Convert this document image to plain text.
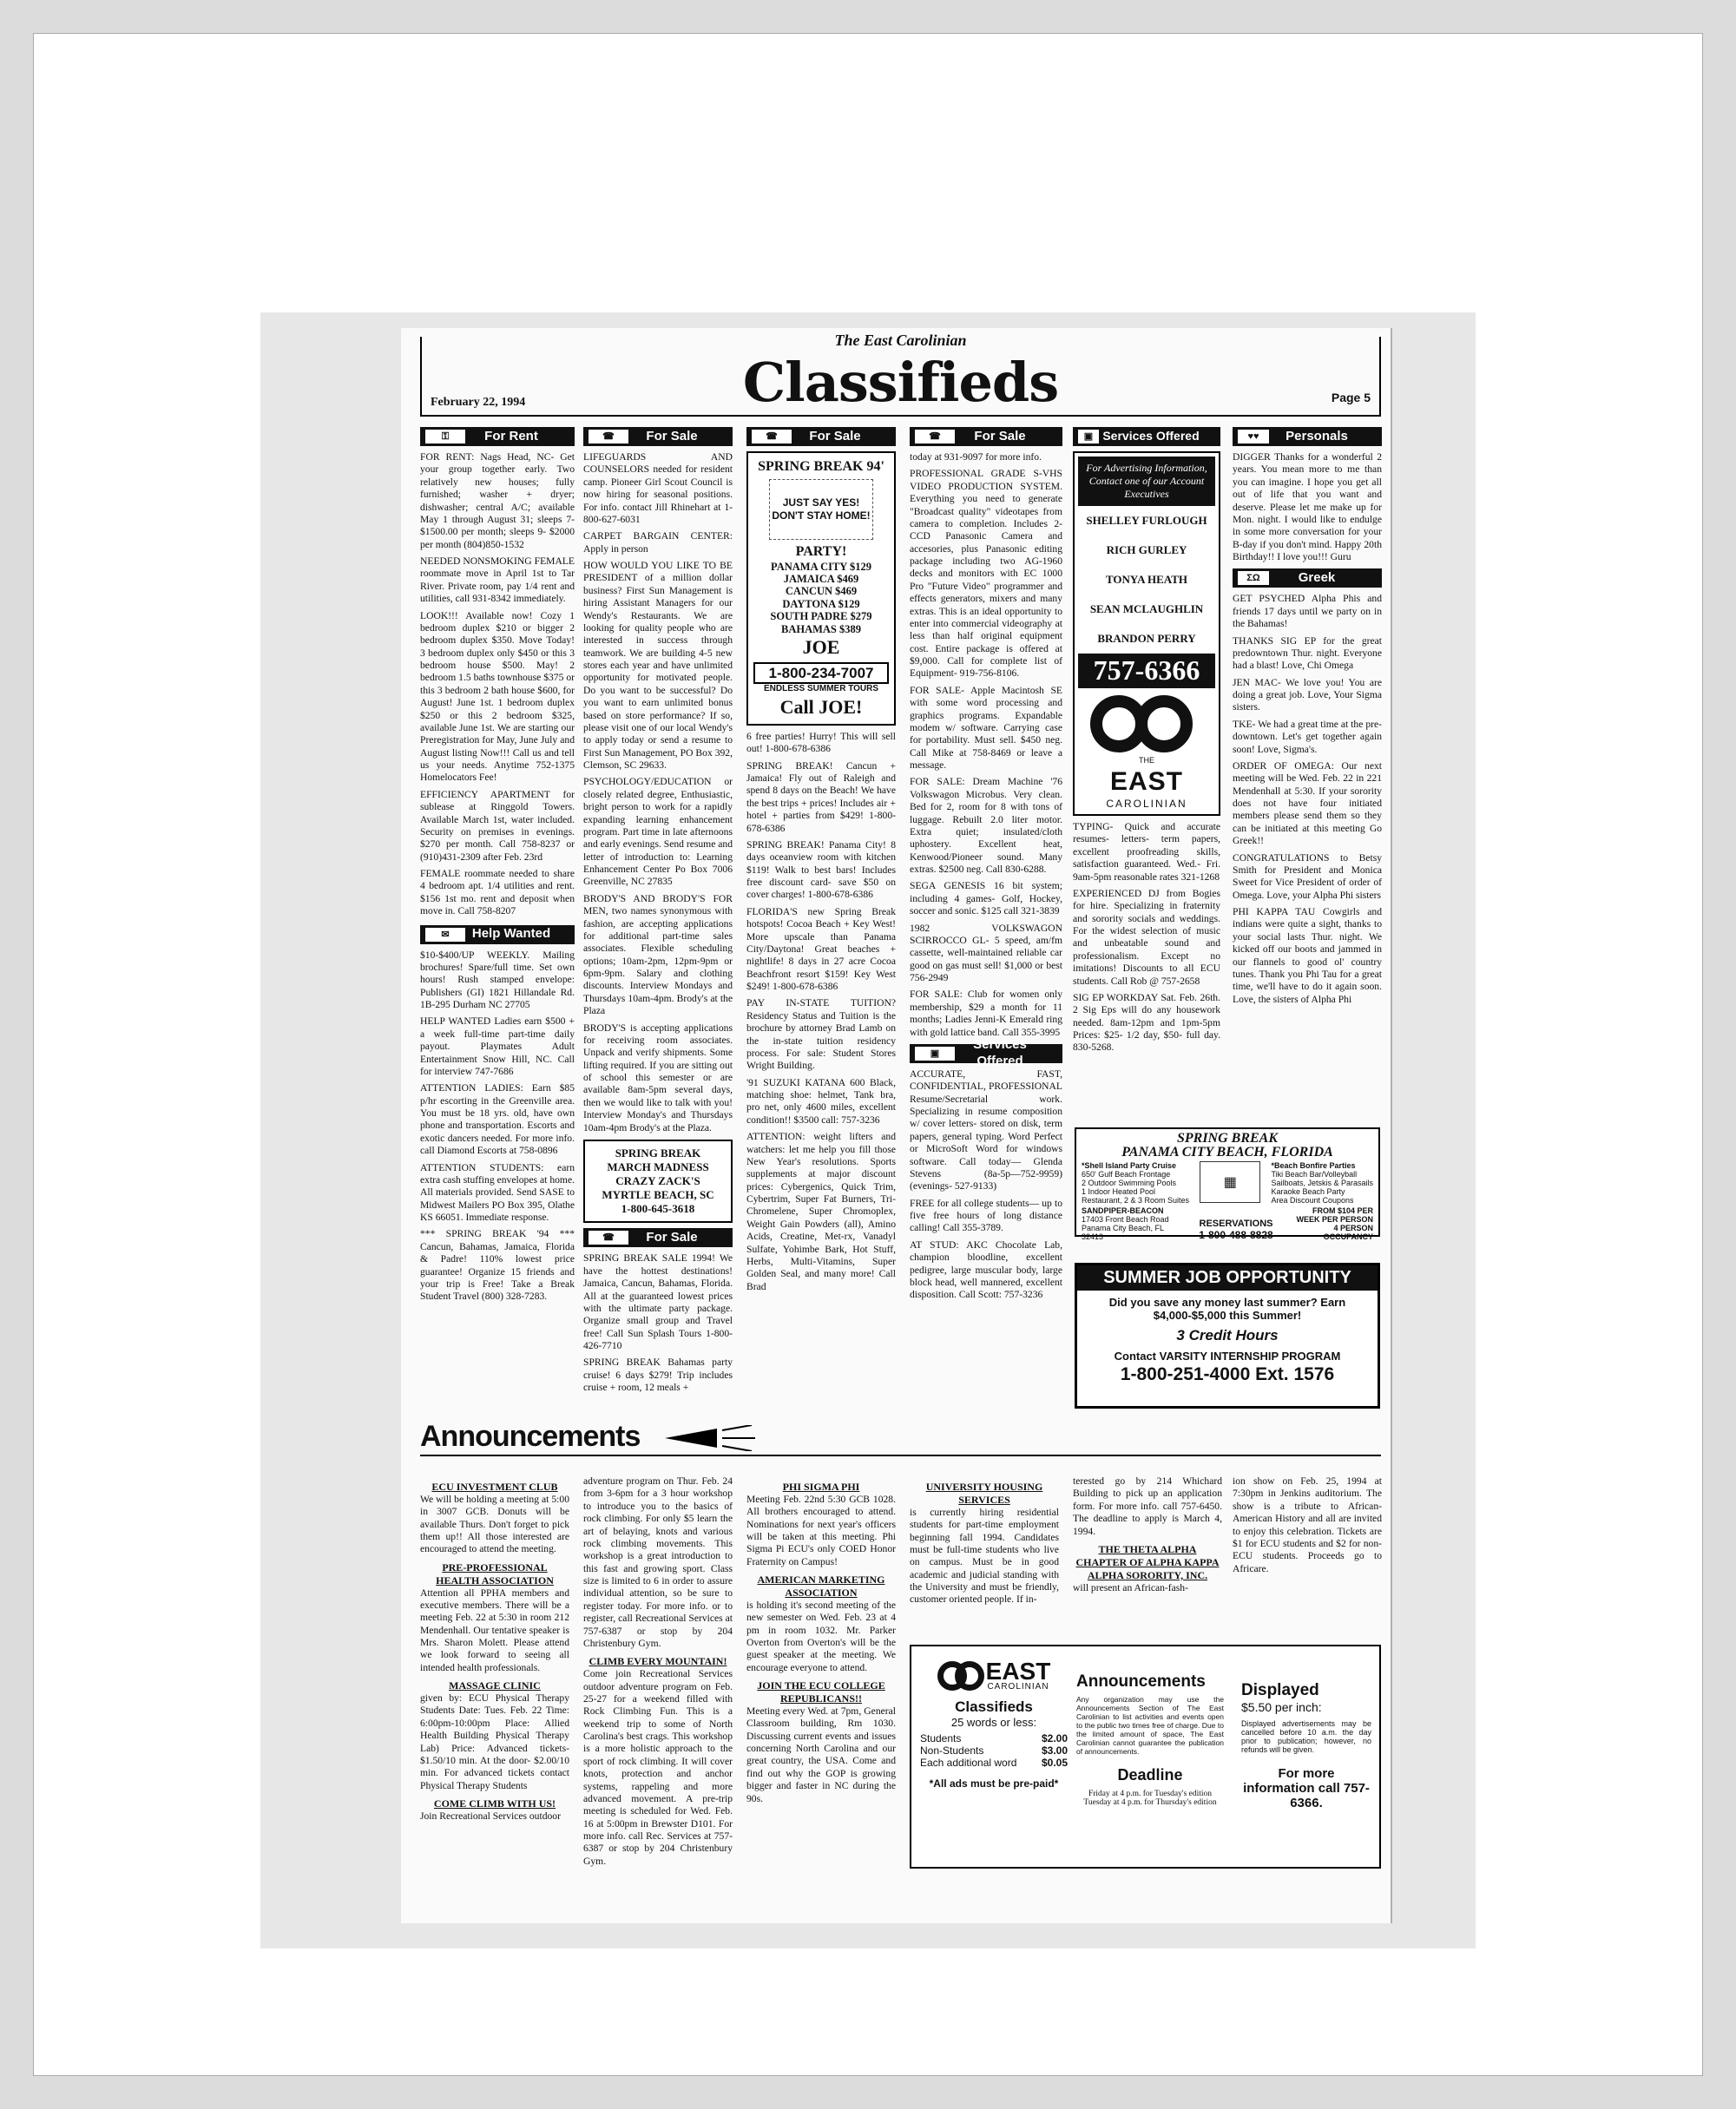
The East Carolinian
Classifieds
February 22, 1994	Page 5
⚿	For Rent

FOR RENT: Nags Head, NC- Get your group together early. Two relatively new houses; fully furnished; washer + dryer; dishwasher; central A/C; available May 1 through August 31; sleeps 7- $1500.00 per month; sleeps 9- $2000 per month (804)850-1532

NEEDED NONSMOKING FEMALE roommate move in April 1st to Tar River. Private room, pay 1/4 rent and utilities, call 931-8342 immediately.

LOOK!!! Available now! Cozy 1 bedroom duplex $210 or bigger 2 bedroom duplex $350. Move Today! 3 bedroom duplex only $450 or this 3 bedroom house $500. May! 2 bedroom 1.5 baths townhouse $375 or this 3 bedroom 2 bath house $600, for August! June 1st. 1 bedroom duplex $250 or this 2 bedroom $325, available June 1st. We are starting our Preregistration for May, June July and August listing Now!!! Call us and tell us your needs. Anytime 752-1375 Homelocators Fee!

EFFICIENCY APARTMENT for sublease at Ringgold Towers. Available March 1st, water included. Security on premises in evenings. $270 per month. Call 758-8237 or (910)431-2309 after Feb. 23rd

FEMALE roommate needed to share 4 bedroom apt. 1/4 utilities and rent. $156 1st mo. rent and deposit when move in. Call 758-8207

✉	Help Wanted

$10-$400/UP WEEKLY. Mailing brochures! Spare/full time. Set own hours! Rush stamped envelope: Publishers (GI) 1821 Hillandale Rd. 1B-295 Durham NC 27705

HELP WANTED Ladies earn $500 + a week full-time part-time daily payout. Playmates Adult Entertainment Snow Hill, NC. Call for interview 747-7686

ATTENTION LADIES: Earn $85 p/hr escorting in the Greenville area. You must be 18 yrs. old, have own phone and transportation. Escorts and exotic dancers needed. For more info. call Diamond Escorts at 758-0896

ATTENTION STUDENTS: earn extra cash stuffing envelopes at home. All materials provided. Send SASE to Midwest Mailers PO Box 395, Olathe KS 66051. Immediate response.

*** SPRING BREAK '94 *** Cancun, Bahamas, Jamaica, Florida & Padre! 110% lowest price guarantee! Organize 15 friends and your trip is Free! Take a Break Student Travel (800) 328-7283.

☎	For Sale

LIFEGUARDS AND COUNSELORS needed for resident camp. Pioneer Girl Scout Council is now hiring for seasonal positions. For info. contact Jill Rhinehart at 1-800-627-6031

CARPET BARGAIN CENTER: Apply in person

HOW WOULD YOU LIKE TO BE PRESIDENT of a million dollar business? First Sun Management is hiring Assistant Managers for our Wendy's Restaurants. We are looking for quality people who are interested in success through teamwork. We are building 4-5 new stores each year and have unlimited opportunity for motivated people. Do you want to be successful? Do you want to earn unlimited bonus based on store performance? If so, please visit one of our local Wendy's to apply today or send a resume to First Sun Management, PO Box 392, Clemson, SC 29633.

PSYCHOLOGY/EDUCATION or closely related degree, Enthusiastic, bright person to work for a rapidly expanding learning enhancement program. Part time in late afternoons and early evenings. Send resume and letter of introduction to: Learning Enhancement Center Po Box 7006 Greenville, NC 27835

BRODY'S AND BRODY'S FOR MEN, two names synonymous with fashion, are accepting applications for additional part-time sales associates. Flexible scheduling options; 10am-2pm, 12pm-9pm or 6pm-9pm. Salary and clothing discounts. Interview Mondays and Thursdays 10am-4pm. Brody's at the Plaza

BRODY'S is accepting applications for receiving room associates. Unpack and verify shipments. Some lifting required. If you are sitting out of school this semester or are available 8am-5pm several days, then we would like to talk with you! Interview Monday's and Thursdays 10am-4pm Brody's at the Plaza.

SPRING BREAK
MARCH MADNESS
CRAZY ZACK'S
MYRTLE BEACH, SC
1-800-645-3618
☎	For Sale

SPRING BREAK SALE 1994! We have the hottest destinations! Jamaica, Cancun, Bahamas, Florida. All at the guaranteed lowest prices with the ultimate party package. Organize small group and Travel free! Call Sun Splash Tours 1-800-426-7710

SPRING BREAK Bahamas party cruise! 6 days $279! Trip includes cruise + room, 12 meals +

☎	For Sale
SPRING BREAK 94'
JUST SAY YES! DON'T STAY HOME!
PARTY!
PANAMA CITY $129
JAMAICA $469
CANCUN $469
DAYTONA $129
SOUTH PADRE $279
BAHAMAS $389
JOE
1-800-234-7007
ENDLESS SUMMER TOURS
Call JOE!

6 free parties! Hurry! This will sell out! 1-800-678-6386

SPRING BREAK! Cancun + Jamaica! Fly out of Raleigh and spend 8 days on the Beach! We have the best trips + prices! Includes air + hotel + parties from $429! 1-800-678-6386

SPRING BREAK! Panama City! 8 days oceanview room with kitchen $119! Walk to best bars! Includes free discount card- save $50 on cover charges! 1-800-678-6386

FLORIDA'S new Spring Break hotspots! Cocoa Beach + Key West! More upscale than Panama City/Daytona! Great beaches + nightlife! 8 days in 27 acre Cocoa Beachfront resort $159! Key West $249! 1-800-678-6386

PAY IN-STATE TUITION? Residency Status and Tuition is the brochure by attorney Brad Lamb on the in-state tuition residency process. For sale: Student Stores Wright Building.

'91 SUZUKI KATANA 600 Black, matching shoe: helmet, Tank bra, pro net, only 4600 miles, excellent condition!! $3500 call: 757-3236

ATTENTION: weight lifters and watchers: let me help you fill those New Year's resolutions. Sports supplements at major discount prices: Cybergenics, Quick Trim, Cybertrim, Super Fat Burners, Tri-Chromelene, Super Chromoplex, Weight Gain Powders (all), Amino Acids, Creatine, Met-rx, Vanadyl Sulfate, Yohimbe Bark, Hot Stuff, Herbs, Multi-Vitamins, Super Golden Seal, and many more! Call Brad

☎	For Sale

today at 931-9097 for more info.

PROFESSIONAL GRADE S-VHS VIDEO PRODUCTION SYSTEM. Everything you need to generate "Broadcast quality" videotapes from camera to completion. Includes 2-CCD Panasonic Camera and accesories, plus Panasonic editing package including two AG-1960 decks and monitors with EC 1000 Pro "Future Video" programmer and effects generators, mixers and many extras. This is an ideal opportunity to enter into commercial videography at less than half original equipment cost. Entire package is offered at $9,000. Call for complete list of Equipment- 919-756-8106.

FOR SALE- Apple Macintosh SE with some word processing and graphics programs. Expandable modem w/ software. Carrying case for portability. Must sell. $450 neg. Call Mike at 758-8469 or leave a message.

FOR SALE: Dream Machine '76 Volkswagon Microbus. Very clean. Bed for 2, room for 8 with tons of luggage. Rebuilt 2.0 liter motor. Extra quiet; insulated/cloth uphostery. Excellent heat, Kenwood/Pioneer sound. Many extras. $2500 neg. Call 830-6288.

SEGA GENESIS 16 bit system; including 4 games- Golf, Hockey, soccer and sonic. $125 call 321-3839

1982 VOLKSWAGON SCIRROCCO GL- 5 speed, am/fm cassette, well-maintained reliable car good on gas must sell! $1,000 or best 756-2949

FOR SALE: Club for women only membership, $29 a month for 11 months; Ladies Jenni-K Emerald ring with gold lattice band. Call 355-3995

▣
Services Offered

ACCURATE, FAST, CONFIDENTIAL, PROFESSIONAL Resume/Secretarial work. Specializing in resume composition w/ cover letters- stored on disk, term papers, general typing. Word Perfect or MicroSoft Word for windows software. Call today— Glenda Stevens (8a-5p—752-9959) (evenings- 527-9133)

FREE for all college students— up to five free hours of long distance calling! Call 355-3789.

AT STUD: AKC Chocolate Lab, champion bloodline, excellent pedigree, large muscular body, large block head, well mannered, excellent disposition. Call Scott: 757-3236

▣ Services Offered
For Advertising Information, Contact one of our Account Executives
SHELLEY FURLOUGH
RICH GURLEY
TONYA HEATH
SEAN MCLAUGHLIN
BRANDON PERRY
757-6366
THE
EAST
CAROLINIAN

TYPING- Quick and accurate resumes- letters- term papers, excellent proofreading skills, satisfaction guaranteed. Wed.- Fri. 9am-5pm reasonable rates 321-1268

EXPERIENCED DJ from Bogies for hire. Specializing in fraternity and sorority socials and weddings. For the widest selection of music and unbeatable sound and professionalism. Except no imitations! Discounts to all ECU students. Call Rob @ 757-2658

SIG EP WORKDAY Sat. Feb. 26th. 2 Sig Eps will do any housework needed. 8am-12pm and 1pm-5pm Prices: $25- 1/2 day, $50- full day. 830-5268.

♥♥	Personals

DIGGER Thanks for a wonderful 2 years. You mean more to me than you can imagine. I hope you get all out of life that you want and deserve. Please let me make up for Mon. night. I would like to endulge in some more conversation for your B-day if you don't mind. Happy 20th Birthday!! I love you!!! Guru

ΣΩ	Greek

GET PSYCHED Alpha Phis and friends 17 days until we party on in the Bahamas!

THANKS SIG EP for the great predowntown Thur. night. Everyone had a blast! Love, Chi Omega

JEN MAC- We love you! You are doing a great job. Love, Your Sigma sisters.

TKE- We had a great time at the pre-downtown. Let's get together again soon! Love, Sigma's.

ORDER OF OMEGA: Our next meeting will be Wed. Feb. 22 in 221 Mendenhall at 5:30. If your sorority does not have four initiated members please send them so they can be initiated at this meeting Go Greek!!

CONGRATULATIONS to Betsy Smith for President and Monica Sweet for Vice President of order of Omega. Love, your Alpha Phi sisters

PHI KAPPA TAU Cowgirls and indians were quite a sight, thanks to your social lasts Thur. night. We kicked off our boots and jammed in our flannels to good ol' country tunes. Thank you Phi Tau for a great time, we'll have to do it again soon. Love, the sisters of Alpha Phi

SPRING BREAK
PANAMA CITY BEACH, FLORIDA
*Shell Island Party Cruise
650' Gulf Beach Frontage
2 Outdoor Swimming Pools
1 Indoor Heated Pool
Restaurant, 2 & 3 Room Suites
▦
*Beach Bonfire Parties
Tiki Beach Bar/Volleyball
Sailboats, Jetskis & Parasails
Karaoke Beach Party
Area Discount Coupons
SANDPIPER-BEACON
17403 Front Beach Road Panama City Beach, FL 32413
RESERVATIONS
1-800-488-8828
FROM $104 PER WEEK PER PERSON 4 PERSON OCCUPANCY
SUMMER JOB OPPORTUNITY
Did you save any money last summer? Earn $4,000-$5,000 this Summer!
3 Credit Hours
Contact VARSITY INTERNSHIP PROGRAM
1-800-251-4000 Ext. 1576
Announcements
ECU INVESTMENT CLUB

We will be holding a meeting at 5:00 in 3007 GCB. Donuts will be available Thurs. Don't forget to pick them up!! All those interested are encouraged to attend the meeting.

PRE-PROFESSIONAL HEALTH ASSOCIATION

Attention all PPHA members and executive members. There will be a meeting Feb. 22 at 5:30 in room 212 Mendenhall. Our tentative speaker is Mrs. Sharon Molett. Please attend we look forward to seeing all intended health professionals.

MASSAGE CLINIC

given by: ECU Physical Therapy Students Date: Tues. Feb. 22 Time: 6:00pm-10:00pm Place: Allied Health Building Physical Therapy Lab) Price: Advanced tickets- $1.50/10 min. At the door- $2.00/10 min. For advanced tickets contact Physical Therapy Students

COME CLIMB WITH US!

Join Recreational Services outdoor

adventure program on Thur. Feb. 24 from 3-6pm for a 3 hour workshop to introduce you to the basics of rock climbing. For only $5 learn the art of belaying, knots and various rock climbing movements. This workshop is a great introduction to this fast and growing sport. Class size is limited to 6 in order to assure individual attention, so be sure to register today. For more info. or to register, call Recreational Services at 757-6387 or stop by 204 Christenbury Gym.

CLIMB EVERY MOUNTAIN!

Come join Recreational Services outdoor adventure program on Feb. 25-27 for a weekend filled with Rock Climbing Fun. This is a weekend trip to some of North Carolina's best crags. This workshop is a more holistic approach to the sport of rock climbing. It will cover knots, protection and anchor systems, rappeling and more advanced movement. A pre-trip meeting is scheduled for Wed. Feb. 16 at 5:00pm in Brewster D101. For more info. call Rec. Services at 757-6387 or stop by 204 Christenbury Gym.

PHI SIGMA PHI

Meeting Feb. 22nd 5:30 GCB 1028. All brothers encouraged to attend. Nominations for next year's officers will be taken at this meeting. Phi Sigma Pi ECU's only COED Honor Fraternity on Campus!

AMERICAN MARKETING ASSOCIATION

is holding it's second meeting of the new semester on Wed. Feb. 23 at 4 pm in room 1032. Mr. Parker Overton from Overton's will be the guest speaker at the meeting. We encourage everyone to attend.

JOIN THE ECU COLLEGE REPUBLICANS!!

Meeting every Wed. at 7pm, General Classroom building, Rm 1030. Discussing current events and issues concerning North Carolina and our great country, the USA. Come and find out why the GOP is growing bigger and faster in NC during the 90s.

UNIVERSITY HOUSING SERVICES

is currently hiring residential students for part-time employment beginning fall 1994. Candidates must be full-time students who live on campus. Must be in good academic and judicial standing with the University and must be friendly, customer oriented people. If in-

terested go by 214 Whichard Building to pick up an application form. For more info. call 757-6450. The deadline to apply is March 4, 1994.

THE THETA ALPHA CHAPTER OF ALPHA KAPPA ALPHA SORORITY, INC.

will present an African-fash-

ion show on Feb. 25, 1994 at 7:30pm in Jenkins auditorium. The show is a tribute to African-American History and all are invited to enjoy this celebration. Tickets are $1 for ECU students and $2 for non-ECU students. Proceeds go to Africare.

EAST
CAROLINIAN
Classifieds
25 words or less:
Students	$2.00
Non-Students	$3.00
Each additional word $0.05
*All ads must be pre-paid*
Announcements
Any organization may use the Announcements Section of The East Carolinian to list activities and events open to the public two times free of charge. Due to the limited amount of space, The East Carolinian cannot guarantee the publication of announcements.
Deadline
Friday at 4 p.m. for Tuesday's edition
Tuesday at 4 p.m. for Thursday's edition
Displayed
$5.50 per inch:
Displayed advertisements may be cancelled before 10 a.m. the day prior to publication; however, no refunds will be given.
For more information call 757-6366.
